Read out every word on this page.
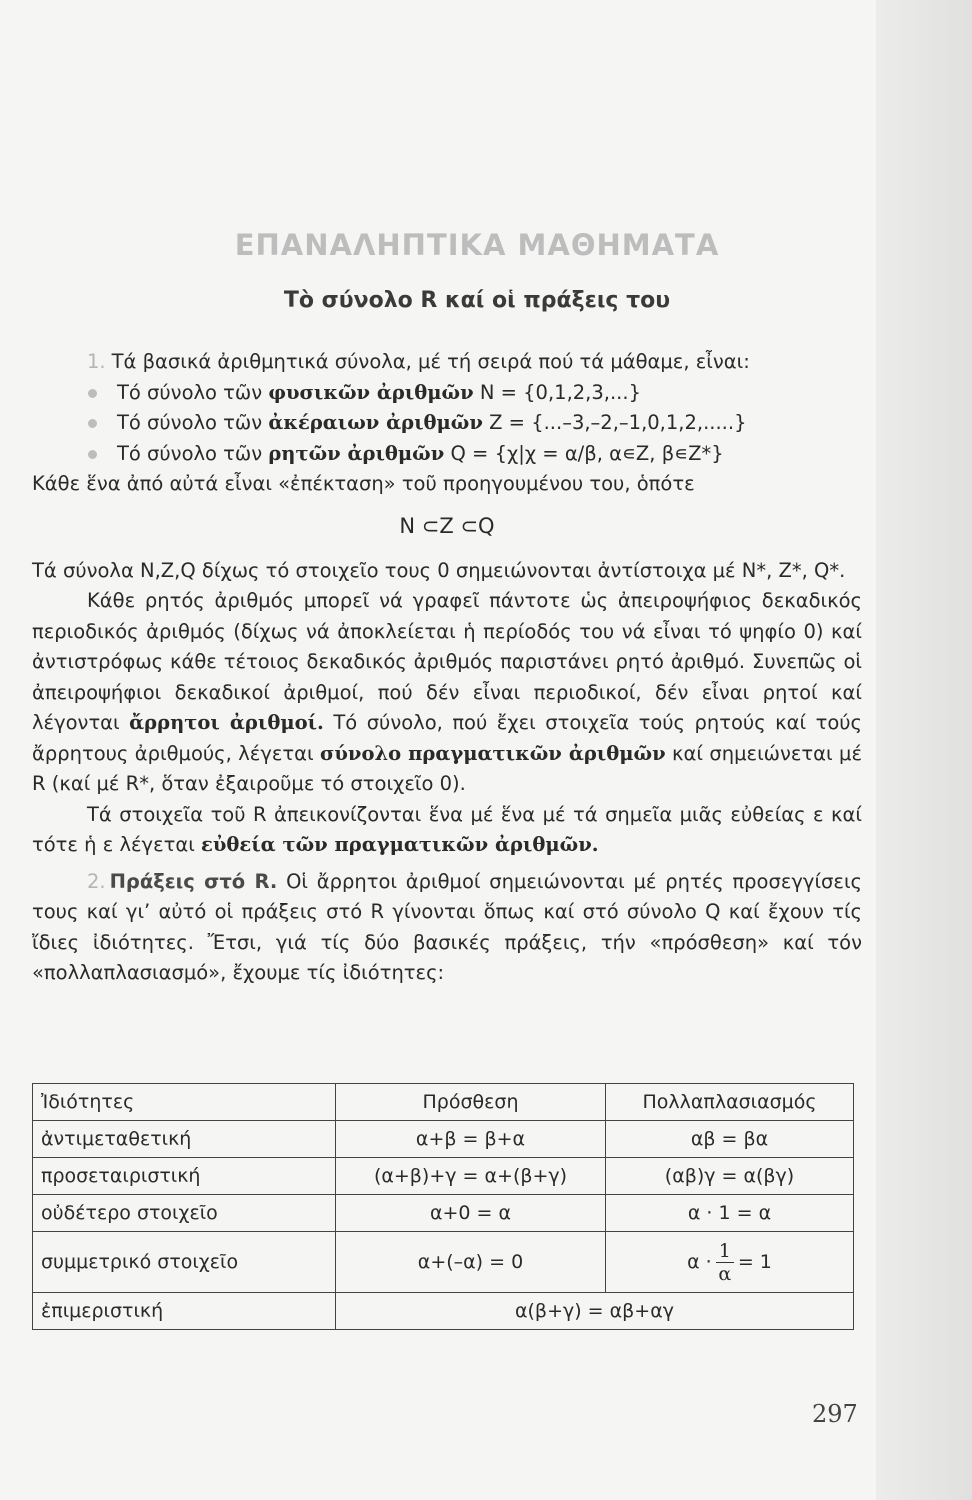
ΕΠΑΝΑΛΗΠΤΙΚΑ ΜΑΘΗΜΑΤΑ
Τὸ σύνολο R καί οἱ πράξεις του

1. Τά βασικά ἀριθμητικά σύνολα, μέ τή σειρά πού τά μάθαμε, εἶναι:

Τό σύνολο τῶν φυσικῶν ἀριθμῶν N = {0,1,2,3,...}
Τό σύνολο τῶν ἀκέραιων ἀριθμῶν Z = {...–3,–2,–1,0,1,2,.....}
Τό σύνολο τῶν ρητῶν ἀριθμῶν Q = {χ|χ = α/β, α∊Z, β∊Z*}

Κάθε ἕνα ἀπό αὐτά εἶναι «ἐπέκταση» τοῦ προηγουμένου του, ὁπότε

N ⊂Z ⊂Q

Τά σύνολα N,Z,Q δίχως τό στοιχεῖο τους 0 σημειώνονται ἀντίστοιχα μέ N*, Z*, Q*.

Κάθε ρητός ἀριθμός μπορεῖ νά γραφεῖ πάντοτε ὡς ἀπειροψήφιος δεκαδικός περιοδικός ἀριθμός (δίχως νά ἀποκλείεται ἡ περίοδός του νά εἶναι τό ψηφίο 0) καί ἀντιστρόφως κάθε τέτοιος δεκαδικός ἀριθμός παριστάνει ρητό ἀριθμό. Συνεπῶς οἱ ἀπειροψήφιοι δεκαδικοί ἀριθμοί, πού δέν εἶναι περιοδικοί, δέν εἶναι ρητοί καί λέγονται ἄρρητοι ἀριθμοί. Τό σύνολο, πού ἔχει στοιχεῖα τούς ρητούς καί τούς ἄρρητους ἀριθμούς, λέγεται σύνολο πραγματικῶν ἀριθμῶν καί σημειώνεται μέ R (καί μέ R*, ὅταν ἐξαιροῦμε τό στοιχεῖο 0).

Τά στοιχεῖα τοῦ R ἀπεικονίζονται ἕνα μέ ἕνα μέ τά σημεῖα μιᾶς εὐθείας ε καί τότε ἡ ε λέγεται εὐθεία τῶν πραγματικῶν ἀριθμῶν.

2. Πράξεις στό R. Οἱ ἄρρητοι ἀριθμοί σημειώνονται μέ ρητές προσεγγίσεις τους καί γι’ αὐτό οἱ πράξεις στό R γίνονται ὅπως καί στό σύνολο Q καί ἔχουν τίς ἴδιες ἰδιότητες. Ἔτσι, γιά τίς δύο βασικές πράξεις, τήν «πρόσθεση» καί τόν «πολλαπλασιασμό», ἔχουμε τίς ἰδιότητες:

Ἰδιότητες	Πρόσθεση	Πολλαπλασιασμός
ἀντιμεταθετική	α+β = β+α	αβ = βα
προσεταιριστική	(α+β)+γ = α+(β+γ)	(αβ)γ = α(βγ)
οὐδέτερο στοιχεῖο	α+0 = α	α · 1 = α
συμμετρικό στοιχεῖο	α+(–α) = 0	$\alpha \cdot \frac{1}{\alpha} = 1$
ἐπιμεριστική	α(β+γ) = αβ+αγ	
297
